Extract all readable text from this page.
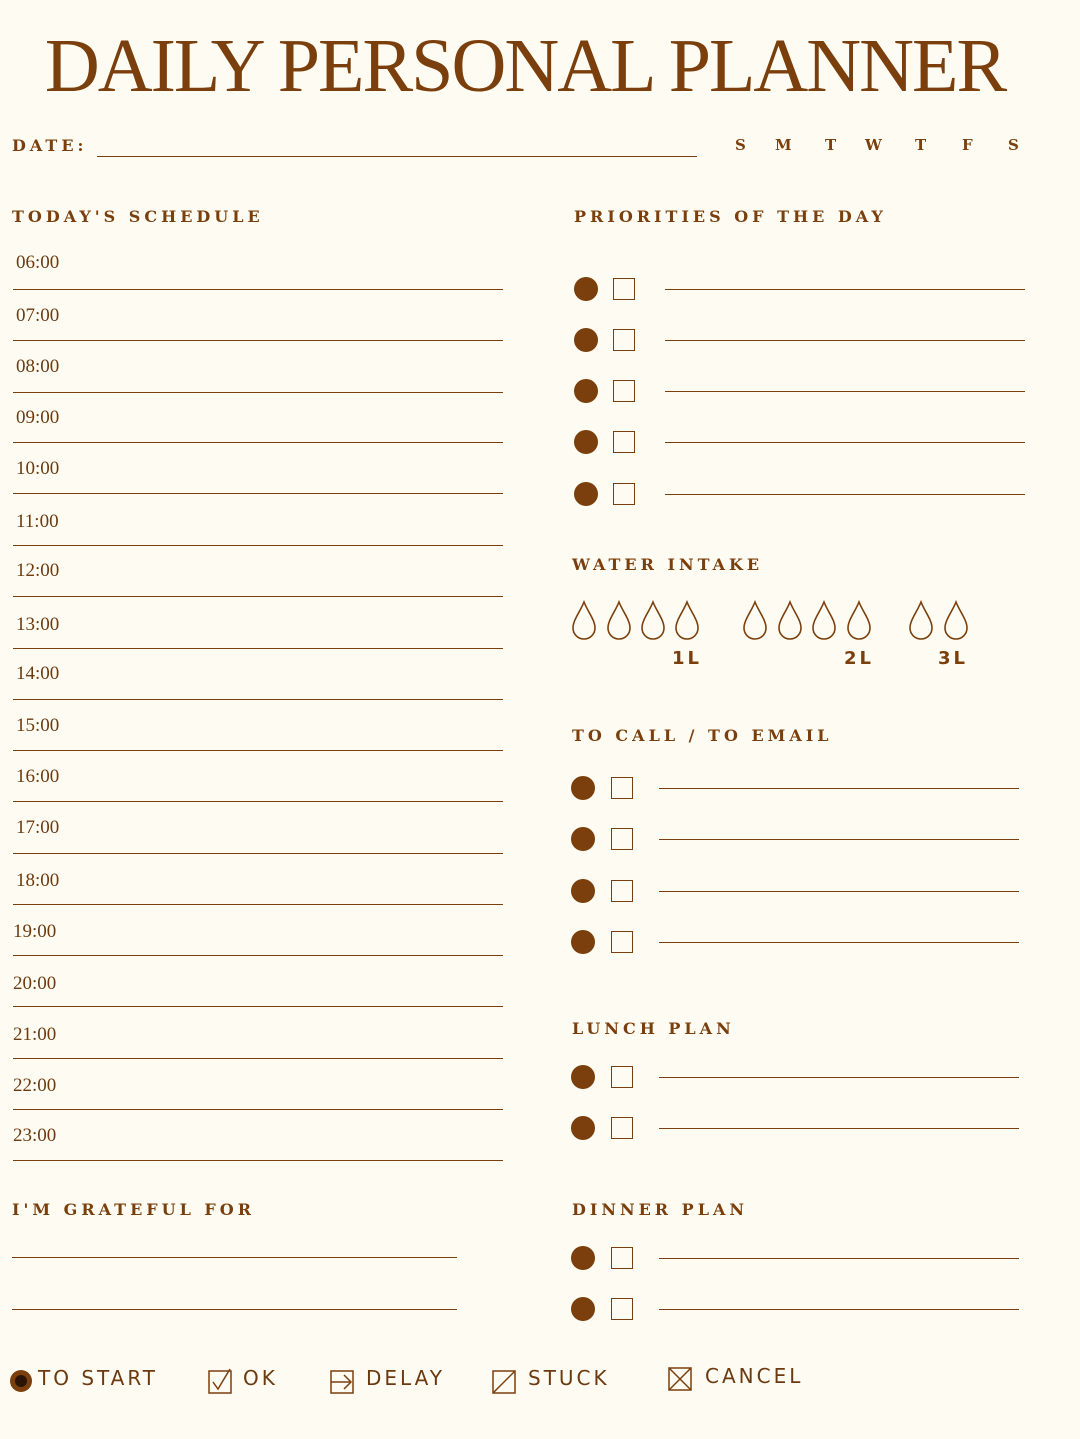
DAILY PERSONAL PLANNER
DATE:
TODAY'S SCHEDULE	PRIORITIES OF THE DAY
WATER INTAKE
1L	2L	3L
TO CALL / TO EMAIL
LUNCH PLAN
I'M GRATEFUL FOR	DINNER PLAN
TO START	OK	DELAY	STUCK	CANCEL
S M T W T F S
06:00
07:00
08:00
09:00
10:00
11:00
12:00
13:00
14:00
15:00
16:00
17:00
18:00
19:00
20:00
21:00
22:00
23:00
